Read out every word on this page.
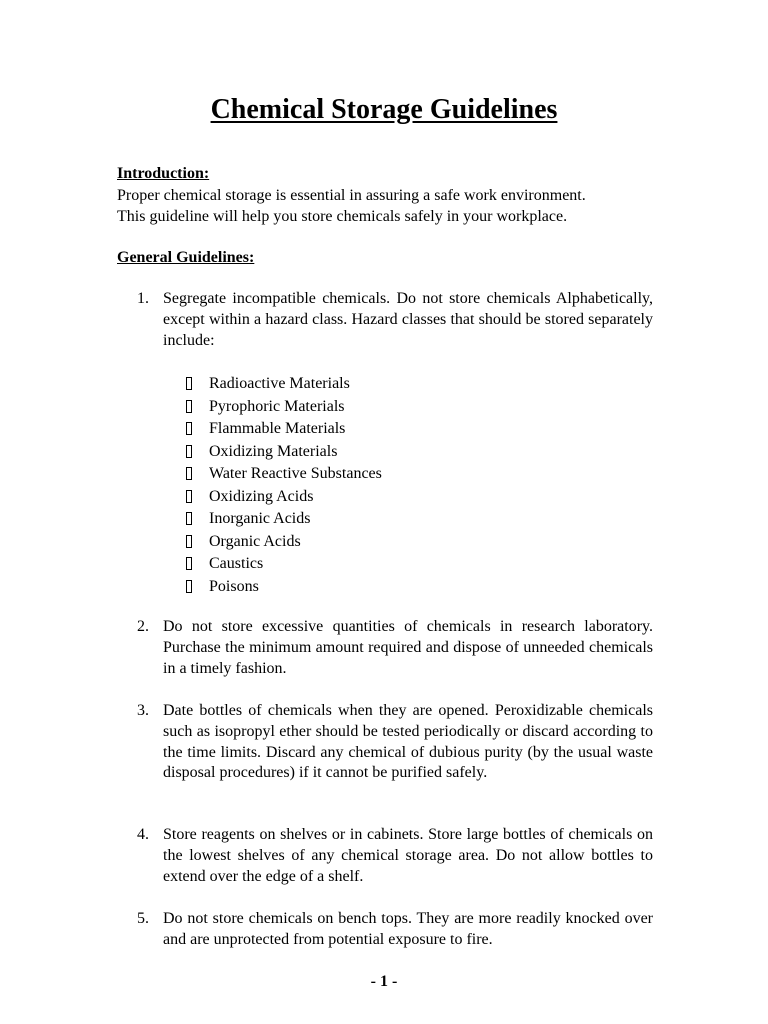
Chemical Storage Guidelines
Introduction:
Proper chemical storage is essential in assuring a safe work environment.
This guideline will help you store chemicals safely in your workplace.
General Guidelines:
1. Segregate incompatible chemicals. Do not store chemicals Alphabetically, except within a hazard class. Hazard classes that should be stored separately include:
Radioactive Materials
Pyrophoric Materials
Flammable Materials
Oxidizing Materials
Water Reactive Substances
Oxidizing Acids
Inorganic Acids
Organic Acids
Caustics
Poisons
2. Do not store excessive quantities of chemicals in research laboratory. Purchase the minimum amount required and dispose of unneeded chemicals in a timely fashion.
3. Date bottles of chemicals when they are opened. Peroxidizable chemicals such as isopropyl ether should be tested periodically or discard according to the time limits. Discard any chemical of dubious purity (by the usual waste disposal procedures) if it cannot be purified safely.
4. Store reagents on shelves or in cabinets. Store large bottles of chemicals on the lowest shelves of any chemical storage area. Do not allow bottles to extend over the edge of a shelf.
5. Do not store chemicals on bench tops. They are more readily knocked over and are unprotected from potential exposure to fire.
- 1 -
